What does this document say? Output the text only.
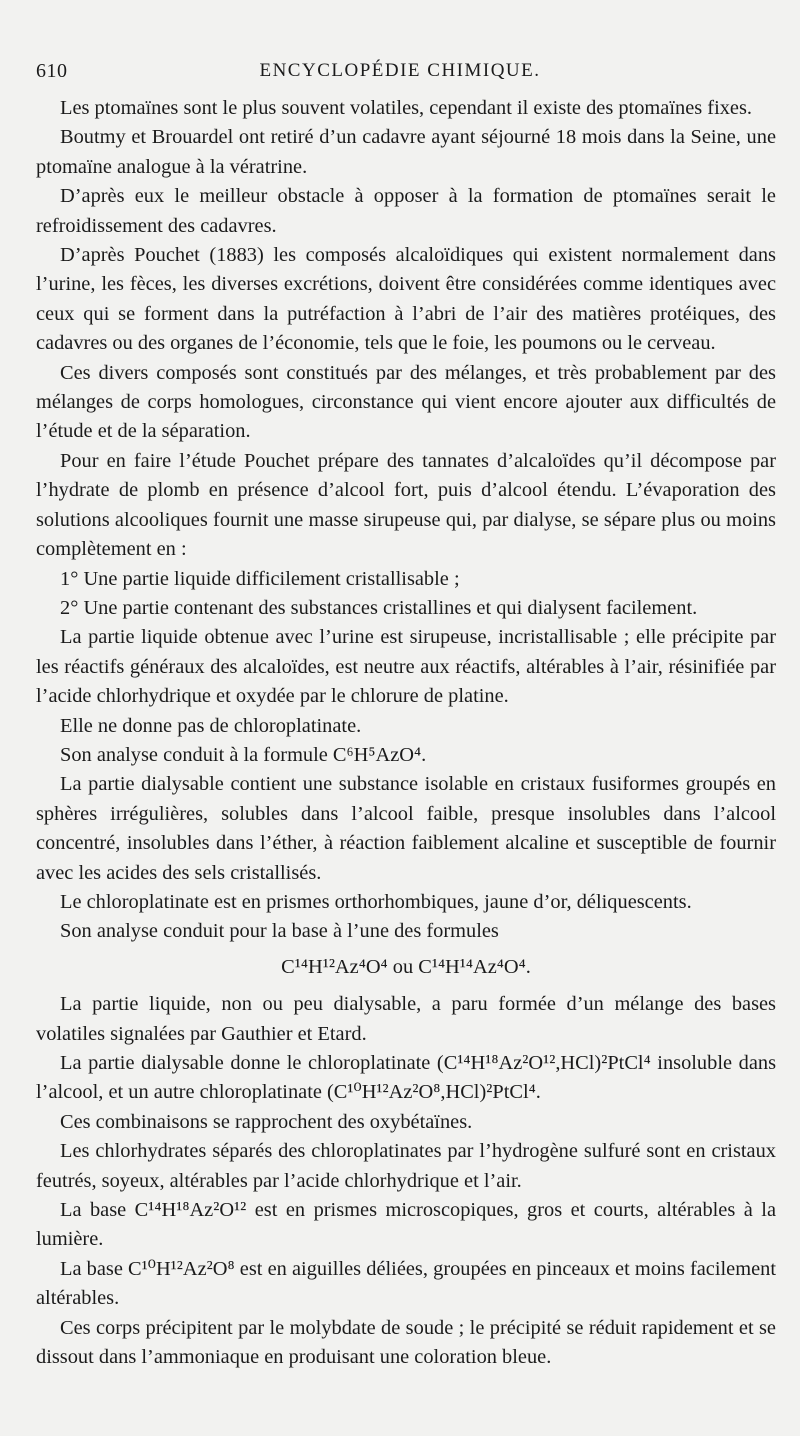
610	ENCYCLOPÉDIE CHIMIQUE.

Les ptomaïnes sont le plus souvent volatiles, cependant il existe des ptomaïnes fixes.

Boutmy et Brouardel ont retiré d’un cadavre ayant séjourné 18 mois dans la Seine, une ptomaïne analogue à la vératrine.

D’après eux le meilleur obstacle à opposer à la formation de ptomaïnes serait le refroidissement des cadavres.

D’après Pouchet (1883) les composés alcaloïdiques qui existent normalement dans l’urine, les fèces, les diverses excrétions, doivent être considérées comme identiques avec ceux qui se forment dans la putréfaction à l’abri de l’air des matières protéiques, des cadavres ou des organes de l’économie, tels que le foie, les poumons ou le cerveau.

Ces divers composés sont constitués par des mélanges, et très probablement par des mélanges de corps homologues, circonstance qui vient encore ajouter aux difficultés de l’étude et de la séparation.

Pour en faire l’étude Pouchet prépare des tannates d’alcaloïdes qu’il décompose par l’hydrate de plomb en présence d’alcool fort, puis d’alcool étendu. L’évaporation des solutions alcooliques fournit une masse sirupeuse qui, par dialyse, se sépare plus ou moins complètement en :

1° Une partie liquide difficilement cristallisable ;

2° Une partie contenant des substances cristallines et qui dialysent facilement.

La partie liquide obtenue avec l’urine est sirupeuse, incristallisable ; elle précipite par les réactifs généraux des alcaloïdes, est neutre aux réactifs, altérables à l’air, résinifiée par l’acide chlorhydrique et oxydée par le chlorure de platine.

Elle ne donne pas de chloroplatinate.

Son analyse conduit à la formule C⁶H⁵AzO⁴.

La partie dialysable contient une substance isolable en cristaux fusiformes groupés en sphères irrégulières, solubles dans l’alcool faible, presque insolubles dans l’alcool concentré, insolubles dans l’éther, à réaction faiblement alcaline et susceptible de fournir avec les acides des sels cristallisés.

Le chloroplatinate est en prismes orthorhombiques, jaune d’or, déliquescents.

Son analyse conduit pour la base à l’une des formules

C¹⁴H¹²Az⁴O⁴ ou C¹⁴H¹⁴Az⁴O⁴.

La partie liquide, non ou peu dialysable, a paru formée d’un mélange des bases volatiles signalées par Gauthier et Etard.

La partie dialysable donne le chloroplatinate (C¹⁴H¹⁸Az²O¹²,HCl)²PtCl⁴ insoluble dans l’alcool, et un autre chloroplatinate (C¹⁰H¹²Az²O⁸,HCl)²PtCl⁴.

Ces combinaisons se rapprochent des oxybétaïnes.

Les chlorhydrates séparés des chloroplatinates par l’hydrogène sulfuré sont en cristaux feutrés, soyeux, altérables par l’acide chlorhydrique et l’air.

La base C¹⁴H¹⁸Az²O¹² est en prismes microscopiques, gros et courts, altérables à la lumière.

La base C¹⁰H¹²Az²O⁸ est en aiguilles déliées, groupées en pinceaux et moins facilement altérables.

Ces corps précipitent par le molybdate de soude ; le précipité se réduit rapidement et se dissout dans l’ammoniaque en produisant une coloration bleue.
